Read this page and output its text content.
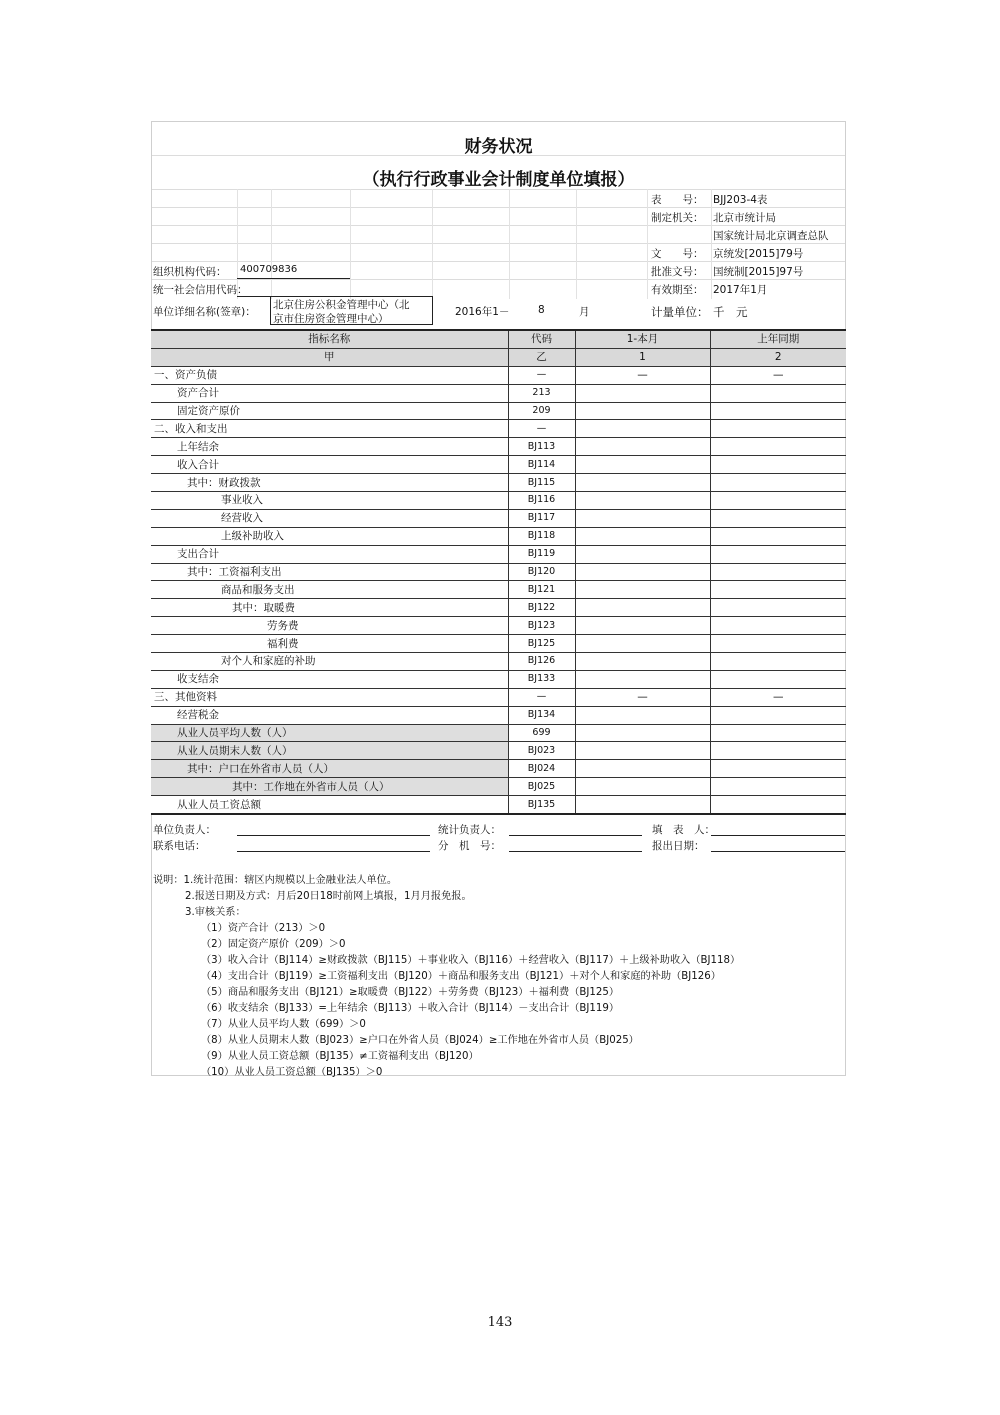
财务状况
（执行行政事业会计制度单位填报）
表　　号： BJJ203-4表
制定机关： 北京市统计局
国家统计局北京调查总队
文　　号： 京统发[2015]79号
批准文号： 国统制[2015]97号
有效期至： 2017年1月
计量单位： 千　元
组织机构代码： 400709836
统一社会信用代码：
单位详细名称(签章)：
北京住房公积金管理中心（北
京市住房资金管理中心）
2016年1－	8	月
指标名称	代码	1-本月	上年同期
甲	乙	1	2
一、资产负债	—	—	—
资产合计	213		
固定资产原价	209		
二、收入和支出	—		
上年结余	BJ113		
收入合计	BJ114		
其中：财政拨款	BJ115		
事业收入	BJ116		
经营收入	BJ117		
上级补助收入	BJ118		
支出合计	BJ119		
其中：工资福利支出	BJ120		
商品和服务支出	BJ121		
其中：取暖费	BJ122		
劳务费	BJ123		
福利费	BJ125		
对个人和家庭的补助	BJ126		
收支结余	BJ133		
三、其他资料	—	—	—
经营税金	BJ134		
从业人员平均人数（人）	699		
从业人员期末人数（人）	BJ023		
其中：户口在外省市人员（人）	BJ024		
其中：工作地在外省市人员（人）	BJ025		
从业人员工资总额	BJ135		
单位负责人：
联系电话：
统计负责人：
分　机　号：
填　表　人：
报出日期：
说明：1.统计范围：辖区内规模以上金融业法人单位。
2.报送日期及方式：月后20日18时前网上填报，1月月报免报。
3.审核关系：
（1）资产合计（213）＞0
（2）固定资产原价（209）＞0
（3）收入合计（BJ114）≥财政拨款（BJ115）＋事业收入（BJ116）＋经营收入（BJ117）＋上级补助收入（BJ118）
（4）支出合计（BJ119）≥工资福利支出（BJ120）＋商品和服务支出（BJ121）＋对个人和家庭的补助（BJ126）
（5）商品和服务支出（BJ121）≥取暖费（BJ122）＋劳务费（BJ123）＋福利费（BJ125）
（6）收支结余（BJ133）=上年结余（BJ113）＋收入合计（BJ114）－支出合计（BJ119）
（7）从业人员平均人数（699）＞0
（8）从业人员期末人数（BJ023）≥户口在外省人员（BJ024）≥工作地在外省市人员（BJ025）
（9）从业人员工资总额（BJ135）≠工资福利支出（BJ120）
（10）从业人员工资总额（BJ135）＞0
143
